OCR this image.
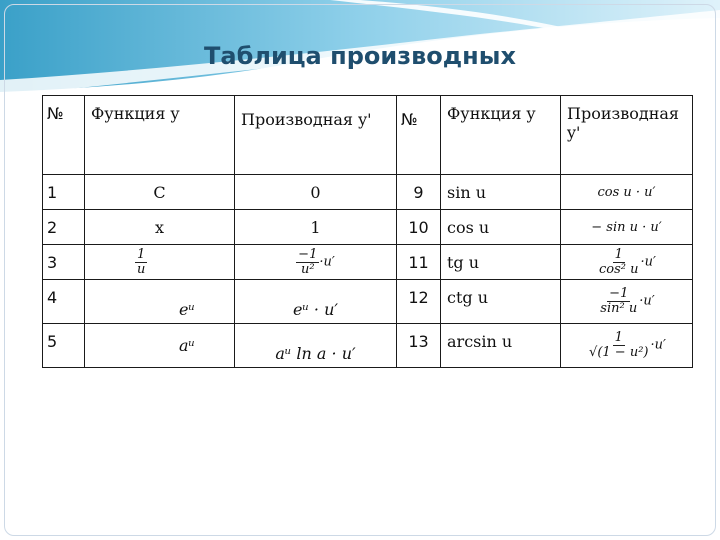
Таблица производных
№	Функция y	Производная y'	№	Функция y	Производная y'
1	C	0	9	sin u	cos u · u′
2	x	1	10	cos u	− sin u · u′
3	$\frac{1}{u}$	$\frac{-1}{\text{u²}} \cdot u'$	11	tg u	$\frac{1}{\text{cos² u}} \cdot u'$
4	eᵘ	eᵘ · u′	12	ctg u	$\frac{-1}{\text{sin² u}} \cdot u'$
5	aᵘ	aᵘ ln a · u′	13	arcsin u	$\frac{1}{\text{√(1 − u²)}} \cdot u'$
